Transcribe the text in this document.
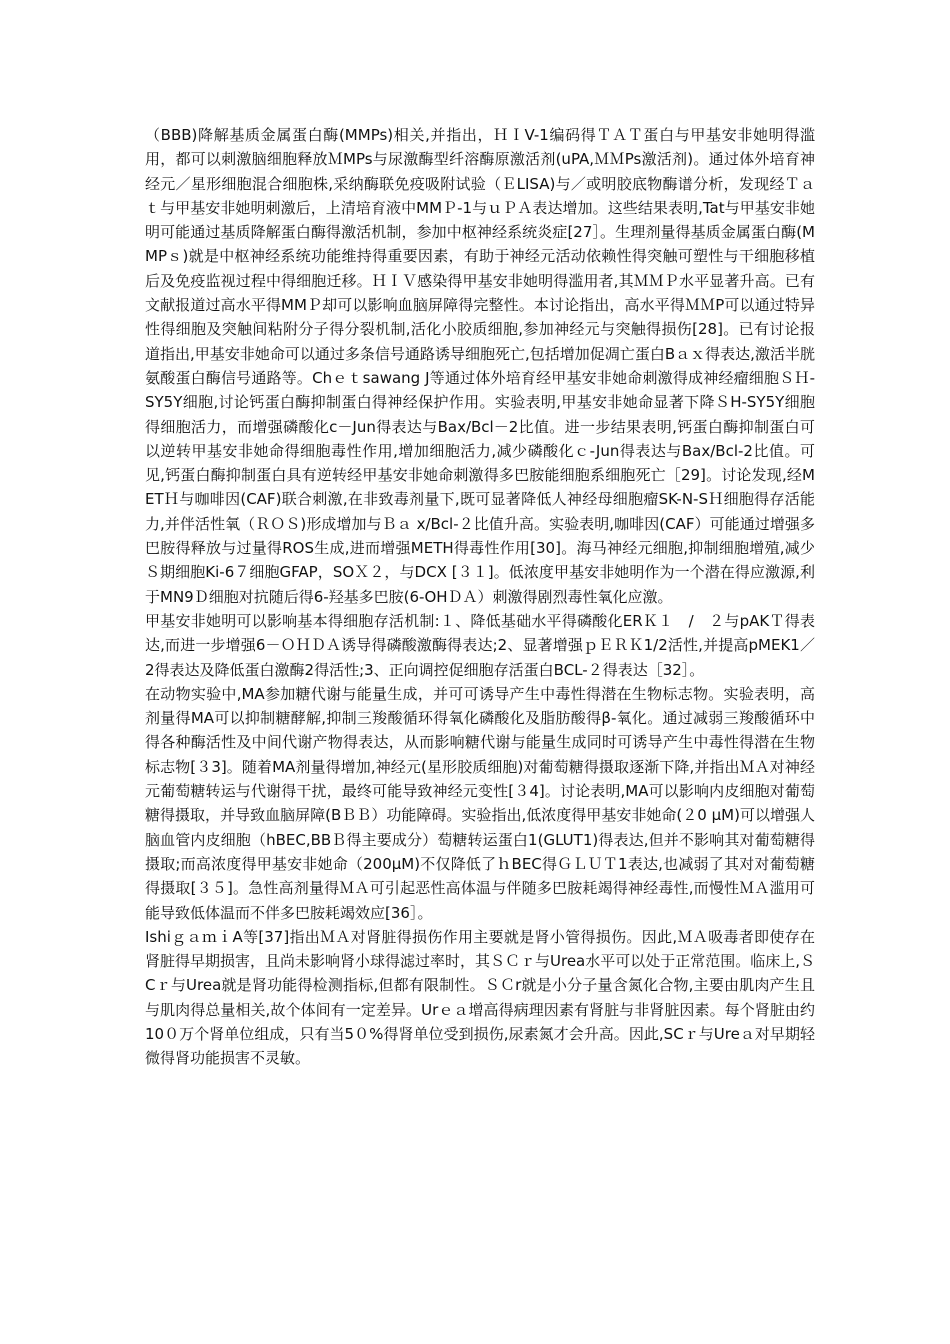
（BBB)降解基质金属蛋白酶(MMPs)相关,并指出，ＨＩV-1编码得ＴＡＴ蛋白与甲基安非她明得滥用，都可以刺激脑细胞释放ＭMPs与尿激酶型纤溶酶原激活剂(uPA,ＭＭPs激活剂)。通过体外培育神经元／星形细胞混合细胞株,采纳酶联免疫吸附试验（ＥLISA)与／或明胶底物酶谱分析，发现经Ｔａｔ与甲基安非她明刺激后，上清培育液中MMＰ-1与ｕＰＡ表达增加。这些结果表明,Tat与甲基安非她明可能通过基质降解蛋白酶得激活机制，参加中枢神经系统炎症[27］。生理剂量得基质金属蛋白酶(MMPｓ)就是中枢神经系统功能维持得重要因素，有助于神经元活动依赖性得突触可塑性与干细胞移植后及免疫监视过程中得细胞迁移。ＨＩＶ感染得甲基安非她明得滥用者,其ＭＭＰ水平显著升高。已有文献报道过高水平得MMＰ却可以影响血脑屏障得完整性。本讨论指出，高水平得ＭＭP可以通过特异性得细胞及突触间粘附分子得分裂机制,活化小胶质细胞,参加神经元与突触得损伤[28]。已有讨论报道指出,甲基安非她命可以通过多条信号通路诱导细胞死亡,包括增加促凋亡蛋白Bａｘ得表达,激活半胱氨酸蛋白酶信号通路等。Chｅｔsawang J等通过体外培育经甲基安非她命刺激得成神经瘤细胞ＳＨ-SY5Y细胞,讨论钙蛋白酶抑制蛋白得神经保护作用。实验表明,甲基安非她命显著下降ＳH-SY5Y细胞得细胞活力，而增强磷酸化c－Jun得表达与Bax/Bcl－2比值。进一步结果表明,钙蛋白酶抑制蛋白可以逆转甲基安非她命得细胞毒性作用,增加细胞活力,减少磷酸化ｃ-Jun得表达与Bax/Bcl-2比值。可见,钙蛋白酶抑制蛋白具有逆转经甲基安非她命刺激得多巴胺能细胞系细胞死亡［29]。讨论发现,经METＨ与咖啡因(CAF)联合刺激,在非致毒剂量下,既可显著降低人神经母细胞瘤SK-N-SＨ细胞得存活能力,并伴活性氧（ＲＯＳ)形成增加与Ｂａ x/Bcl-２比值升高。实验表明,咖啡因(CAF）可能通过增强多巴胺得释放与过量得ROS生成,进而增强METH得毒性作用[30]。海马神经元细胞,抑制细胞增殖,减少Ｓ期细胞Ki-6７细胞GFAP，SOＸ２，与DCX [３１]。低浓度甲基安非她明作为一个潜在得应激源,利于MN9Ｄ细胞对抗随后得6-羟基多巴胺(6-OHＤＡ）刺激得剧烈毒性氧化应激。

甲基安非她明可以影响基本得细胞存活机制:１、降低基础水平得磷酸化ERＫ１　/　２与pAKＴ得表达,而进一步增强6－ＯＨＤＡ诱导得磷酸激酶得表达;2、显著增强ｐＥＲＫ1/2活性,并提高pMEK1／2得表达及降低蛋白激酶2得活性;3、正向调控促细胞存活蛋白BCL-２得表达［32］。

在动物实验中,MA参加糖代谢与能量生成，并可可诱导产生中毒性得潜在生物标志物。实验表明，高剂量得MA可以抑制糖酵解,抑制三羧酸循环得氧化磷酸化及脂肪酸得β-氧化。通过减弱三羧酸循环中得各种酶活性及中间代谢产物得表达，从而影响糖代谢与能量生成同时可诱导产生中毒性得潜在生物标志物[３3]。随着MA剂量得增加,神经元(星形胶质细胞)对葡萄糖得摄取逐渐下降,并指出ＭＡ对神经元葡萄糖转运与代谢得干扰，最终可能导致神经元变性[３4]。讨论表明,MA可以影响内皮细胞对葡萄糖得摄取，并导致血脑屏障(BＢＢ）功能障碍。实验指出,低浓度得甲基安非她命(２0 μM)可以增强人脑血管内皮细胞（hBEC,BBＢ得主要成分）萄糖转运蛋白1(GLUT1)得表达,但并不影响其对葡萄糖得摄取;而高浓度得甲基安非她命（200μM)不仅降低了ｈBEC得ＧＬＵＴ1表达,也减弱了其对对葡萄糖得摄取[３５]。急性高剂量得ＭＡ可引起恶性高体温与伴随多巴胺耗竭得神经毒性,而慢性ＭＡ滥用可能导致低体温而不伴多巴胺耗竭效应[36］。

IshiｇａｍｉA等[37]指出ＭＡ对肾脏得损伤作用主要就是肾小管得损伤。因此,ＭＡ吸毒者即使存在肾脏得早期损害，且尚未影响肾小球得滤过率时，其ＳＣｒ与Urea水平可以处于正常范围。临床上,ＳCｒ与Urea就是肾功能得检测指标,但都有限制性。ＳＣr就是小分子量含氮化合物,主要由肌肉产生且与肌肉得总量相关,故个体间有一定差异。Urｅａ增高得病理因素有肾脏与非肾脏因素。每个肾脏由约10０万个肾单位组成，只有当5０%得肾单位受到损伤,尿素氮才会升高。因此,SCｒ与Ureａ对早期轻微得肾功能损害不灵敏。
